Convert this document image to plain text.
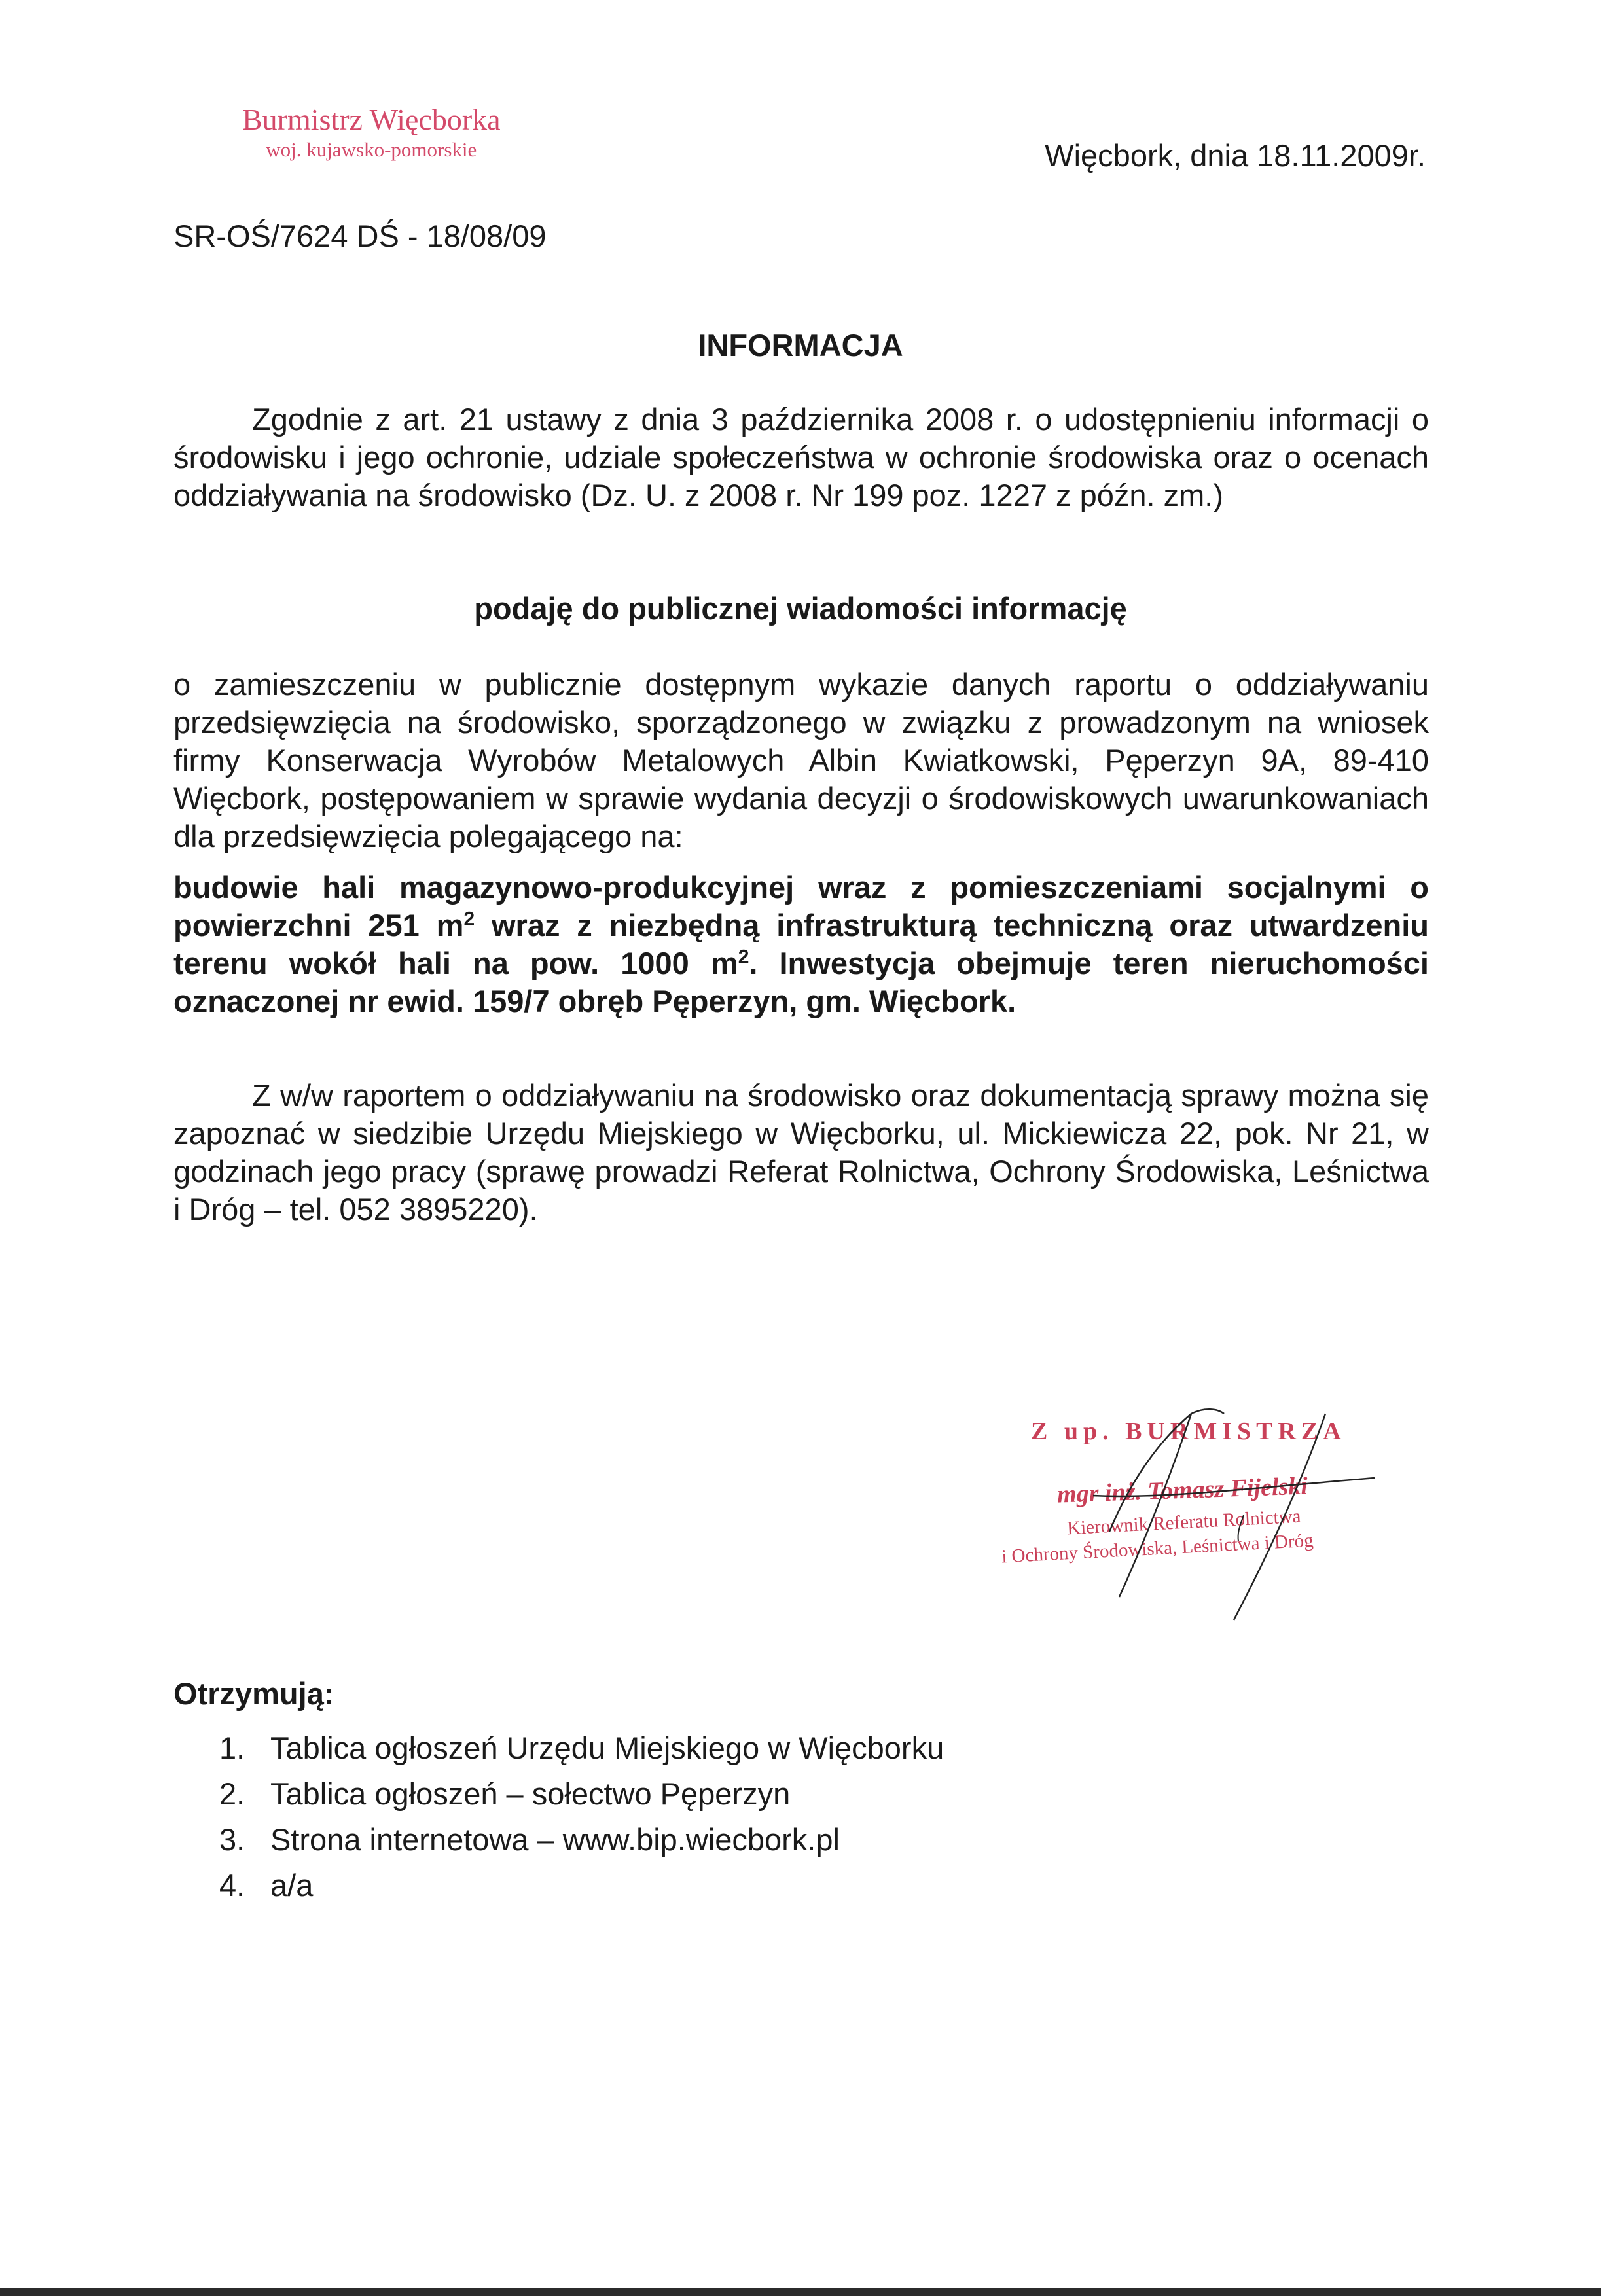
Burmistrz Więcborka
woj. kujawsko-pomorskie	Więcbork, dnia 18.11.2009r.
SR-OŚ/7624 DŚ - 18/08/09
INFORMACJA
Zgodnie z art. 21 ustawy z dnia 3 października 2008 r. o udostępnieniu informacji o środowisku i jego ochronie, udziale społeczeństwa w ochronie środowiska oraz o ocenach oddziaływania na środowisko (Dz. U. z 2008 r. Nr 199 poz. 1227 z późn. zm.)
podaję do publicznej wiadomości informację
o zamieszczeniu w publicznie dostępnym wykazie danych raportu o oddziaływaniu przedsięwzięcia na środowisko, sporządzonego w związku z prowadzonym na wniosek firmy Konserwacja Wyrobów Metalowych Albin Kwiatkowski, Pęperzyn 9A, 89-410 Więcbork, postępowaniem w sprawie wydania decyzji o środowiskowych uwarunkowaniach dla przedsięwzięcia polegającego na:
budowie hali magazynowo-produkcyjnej wraz z pomieszczeniami socjalnymi o powierzchni 251 $m^2$ wraz z niezbędną infrastrukturą techniczną oraz utwardzeniu terenu wokół hali na pow. 1000 $m^2$. Inwestycja obejmuje teren nieruchomości oznaczonej nr ewid. 159/7 obręb Pęperzyn, gm. Więcbork.
Z w/w raportem o oddziaływaniu na środowisko oraz dokumentacją sprawy można się zapoznać w siedzibie Urzędu Miejskiego w Więcborku, ul. Mickiewicza 22, pok. Nr 21, w godzinach jego pracy (sprawę prowadzi Referat Rolnictwa, Ochrony Środowiska, Leśnictwa i Dróg – tel. 052 3895220).
Z up. BURMISTRZA
mgr inż. Tomasz Fijelski
Kierownik Referatu Rolnictwa
i Ochrony Środowiska, Leśnictwa i Dróg
Otrzymują:
1. Tablica ogłoszeń Urzędu Miejskiego w Więcborku
2. Tablica ogłoszeń – sołectwo Pęperzyn
3. Strona internetowa – www.bip.wiecbork.pl
4. a/a
